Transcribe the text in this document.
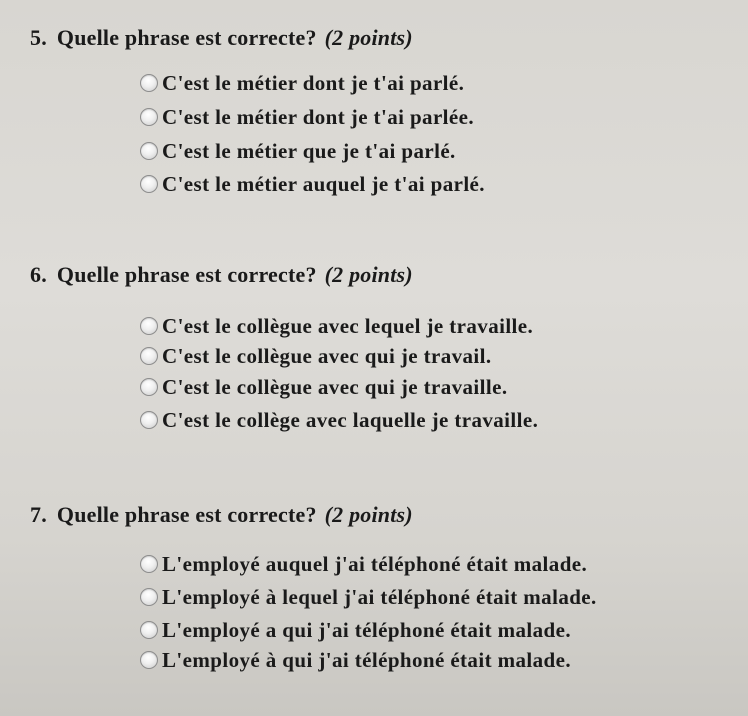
5. Quelle phrase est correcte? (2 points)
C'est le métier dont je t'ai parlé.
C'est le métier dont je t'ai parlée.
C'est le métier que je t'ai parlé.
C'est le métier auquel je t'ai parlé.
6. Quelle phrase est correcte? (2 points)
C'est le collègue avec lequel je travaille.
C'est le collègue avec qui je travail.
C'est le collègue avec qui je travaille.
C'est le collège avec laquelle je travaille.
7. Quelle phrase est correcte? (2 points)
L'employé auquel j'ai téléphoné était malade.
L'employé à lequel j'ai téléphoné était malade.
L'employé a qui j'ai téléphoné était malade.
L'employé à qui j'ai téléphoné était malade.
